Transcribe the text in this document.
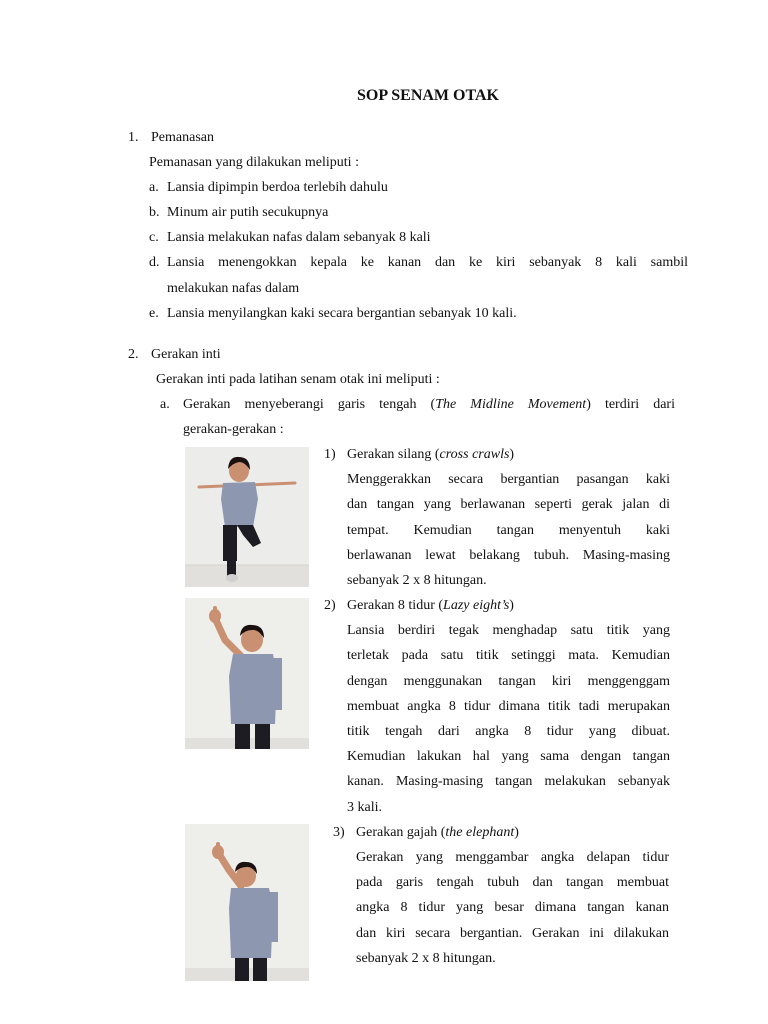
SOP SENAM OTAK
1. Pemanasan
Pemanasan yang dilakukan meliputi :
a. Lansia dipimpin berdoa terlebih dahulu
b. Minum air putih secukupnya
c. Lansia melakukan nafas dalam sebanyak 8 kali
d. Lansia menengokkan kepala ke kanan dan ke kiri sebanyak 8 kali sambil
melakukan nafas dalam
e. Lansia menyilangkan kaki secara bergantian sebanyak 10 kali.
2. Gerakan inti
Gerakan inti pada latihan senam otak ini meliputi :
a. Gerakan menyeberangi garis tengah (The Midline Movement) terdiri dari
gerakan-gerakan :
1) Gerakan silang (cross crawls)
Menggerakkan secara bergantian pasangan kaki
dan tangan yang berlawanan seperti gerak jalan di
tempat. Kemudian tangan menyentuh kaki
berlawanan lewat belakang tubuh. Masing-masing
sebanyak 2 x 8 hitungan.
2) Gerakan 8 tidur (Lazy eight’s)
Lansia berdiri tegak menghadap satu titik yang
terletak pada satu titik setinggi mata. Kemudian
dengan menggunakan tangan kiri menggenggam
membuat angka 8 tidur dimana titik tadi merupakan
titik tengah dari angka 8 tidur yang dibuat.
Kemudian lakukan hal yang sama dengan tangan
kanan. Masing-masing tangan melakukan sebanyak
3 kali.
3) Gerakan gajah (the elephant)
Gerakan yang menggambar angka delapan tidur
pada garis tengah tubuh dan tangan membuat
angka 8 tidur yang besar dimana tangan kanan
dan kiri secara bergantian. Gerakan ini dilakukan
sebanyak 2 x 8 hitungan.
